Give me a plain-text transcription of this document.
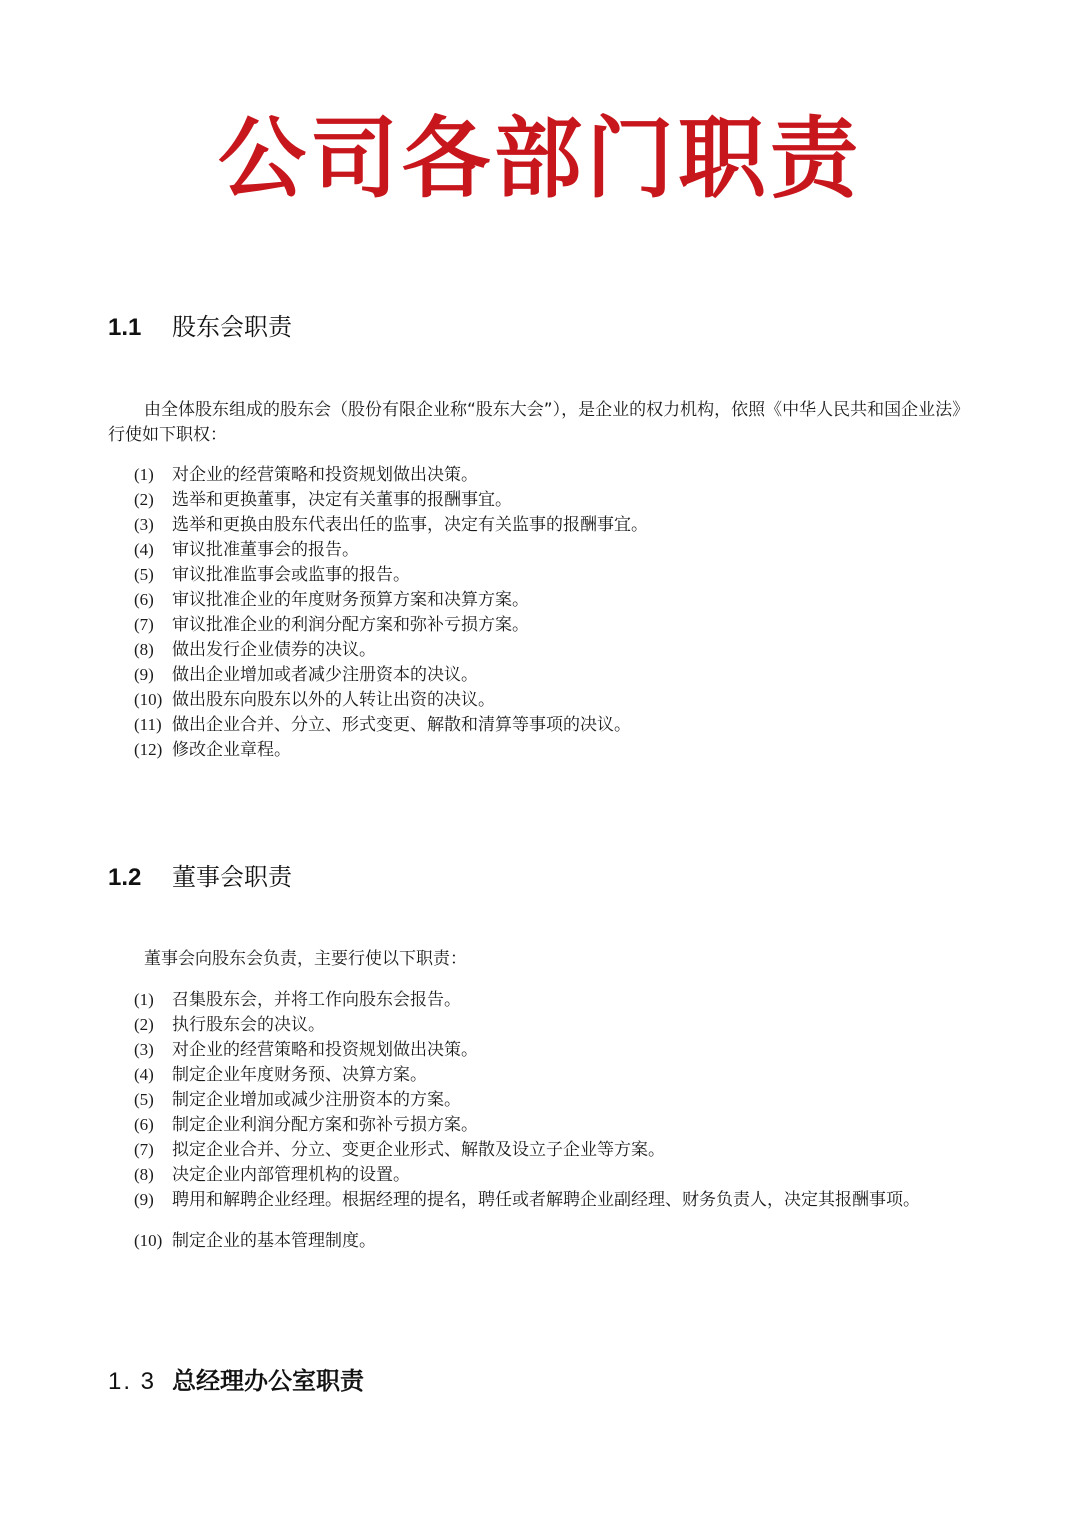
公司各部门职责
1.1 股东会职责
由全体股东组成的股东会（股份有限企业称“股东大会”），是企业的权力机构，依照《中华人民共和国企业法》行使如下职权：
(1)	对企业的经营策略和投资规划做出决策。
(2)	选举和更换董事，决定有关董事的报酬事宜。
(3)	选举和更换由股东代表出任的监事，决定有关监事的报酬事宜。
(4)	审议批准董事会的报告。
(5)	审议批准监事会或监事的报告。
(6)	审议批准企业的年度财务预算方案和决算方案。
(7)	审议批准企业的利润分配方案和弥补亏损方案。
(8)	做出发行企业债券的决议。
(9)	做出企业增加或者减少注册资本的决议。
(10) 做出股东向股东以外的人转让出资的决议。
(11) 做出企业合并、分立、形式变更、解散和清算等事项的决议。
(12) 修改企业章程。
1.2 董事会职责
董事会向股东会负责，主要行使以下职责：
(1)	召集股东会，并将工作向股东会报告。
(2)	执行股东会的决议。
(3)	对企业的经营策略和投资规划做出决策。
(4)	制定企业年度财务预、决算方案。
(5)	制定企业增加或减少注册资本的方案。
(6)	制定企业利润分配方案和弥补亏损方案。
(7)	拟定企业合并、分立、变更企业形式、解散及设立子企业等方案。
(8)	决定企业内部管理机构的设置。
(9)	聘用和解聘企业经理。根据经理的提名，聘任或者解聘企业副经理、财务负责人，决定其报酬事项。
(10) 制定企业的基本管理制度。
1. 3 总经理办公室职责
